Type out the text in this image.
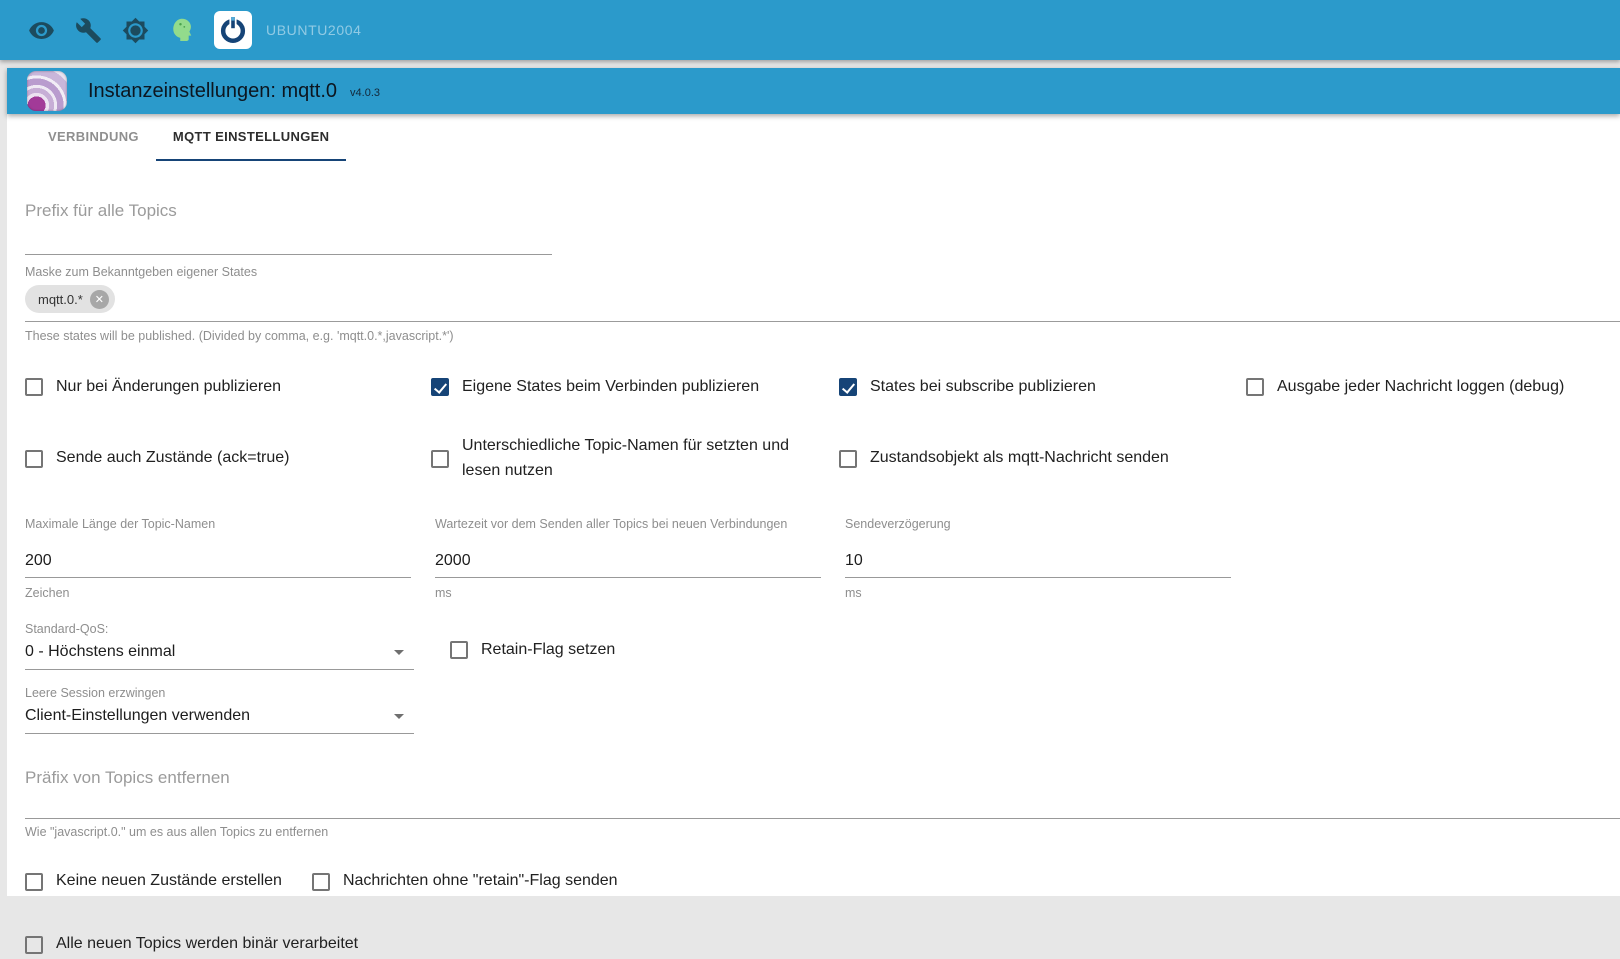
UBUNTU2004
Instanzeinstellungen: mqtt.0 v4.0.3
VERBINDUNG	MQTT EINSTELLUNGEN
Prefix für alle Topics
Maske zum Bekanntgeben eigener States
mqtt.0.*	✕
These states will be published. (Divided by comma, e.g. 'mqtt.0.*,javascript.*')
Nur bei Änderungen publizieren	Eigene States beim Verbinden publizieren	States bei subscribe publizieren	Ausgabe jeder Nachricht loggen (debug)
Sende auch Zustände (ack=true)
Unterschiedliche Topic-Namen für setzten und lesen nutzen
Zustandsobjekt als mqtt-Nachricht senden
Maximale Länge der Topic-Namen
200
Zeichen
Wartezeit vor dem Senden aller Topics bei neuen Verbindungen
2000
ms
Sendeverzögerung
10
ms
Standard-QoS:
0 - Höchstens einmal	Retain-Flag setzen
Leere Session erzwingen
Client-Einstellungen verwenden
Präfix von Topics entfernen
Wie "javascript.0." um es aus allen Topics zu entfernen
Keine neuen Zustände erstellen	Nachrichten ohne "retain"-Flag senden
Alle neuen Topics werden binär verarbeitet
